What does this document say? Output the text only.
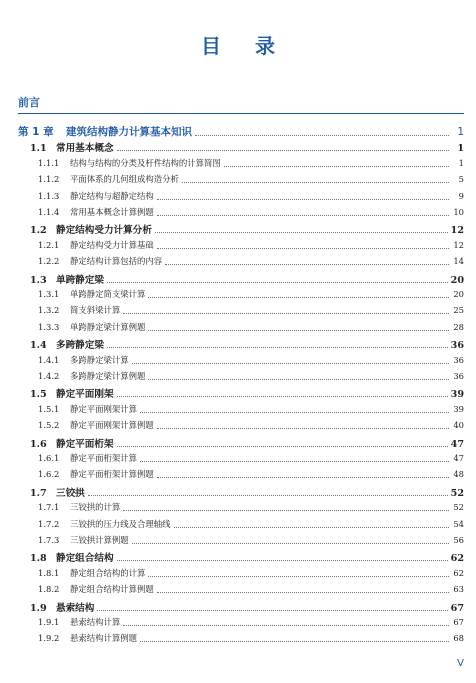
目 录
前言
第 1 章	建筑结构静力计算基本知识	1
1.1 常用基本概念	1
1.1.1	结构与结构的分类及杆件结构的计算简图	1
1.1.2	平面体系的几何组成构造分析	5
1.1.3	静定结构与超静定结构	9
1.1.4	常用基本概念计算例题	10
1.2 静定结构受力计算分析	12
1.2.1	静定结构受力计算基础	12
1.2.2	静定结构计算包括的内容	14
1.3 单跨静定梁	20
1.3.1	单跨静定简支梁计算	20
1.3.2	简支斜梁计算	25
1.3.3	单跨静定梁计算例题	28
1.4 多跨静定梁	36
1.4.1	多跨静定梁计算	36
1.4.2	多跨静定梁计算例题	36
1.5 静定平面刚架	39
1.5.1	静定平面刚架计算	39
1.5.2	静定平面刚架计算例题	40
1.6 静定平面桁架	47
1.6.1	静定平面桁架计算	47
1.6.2	静定平面桁架计算例题	48
1.7 三铰拱	52
1.7.1	三铰拱的计算	52
1.7.2	三铰拱的压力线及合理轴线	54
1.7.3	三铰拱计算例题	56
1.8 静定组合结构	62
1.8.1	静定组合结构的计算	62
1.8.2	静定组合结构计算例题	63
1.9 悬索结构	67
1.9.1	悬索结构计算	67
1.9.2	悬索结构计算例题	68
V
